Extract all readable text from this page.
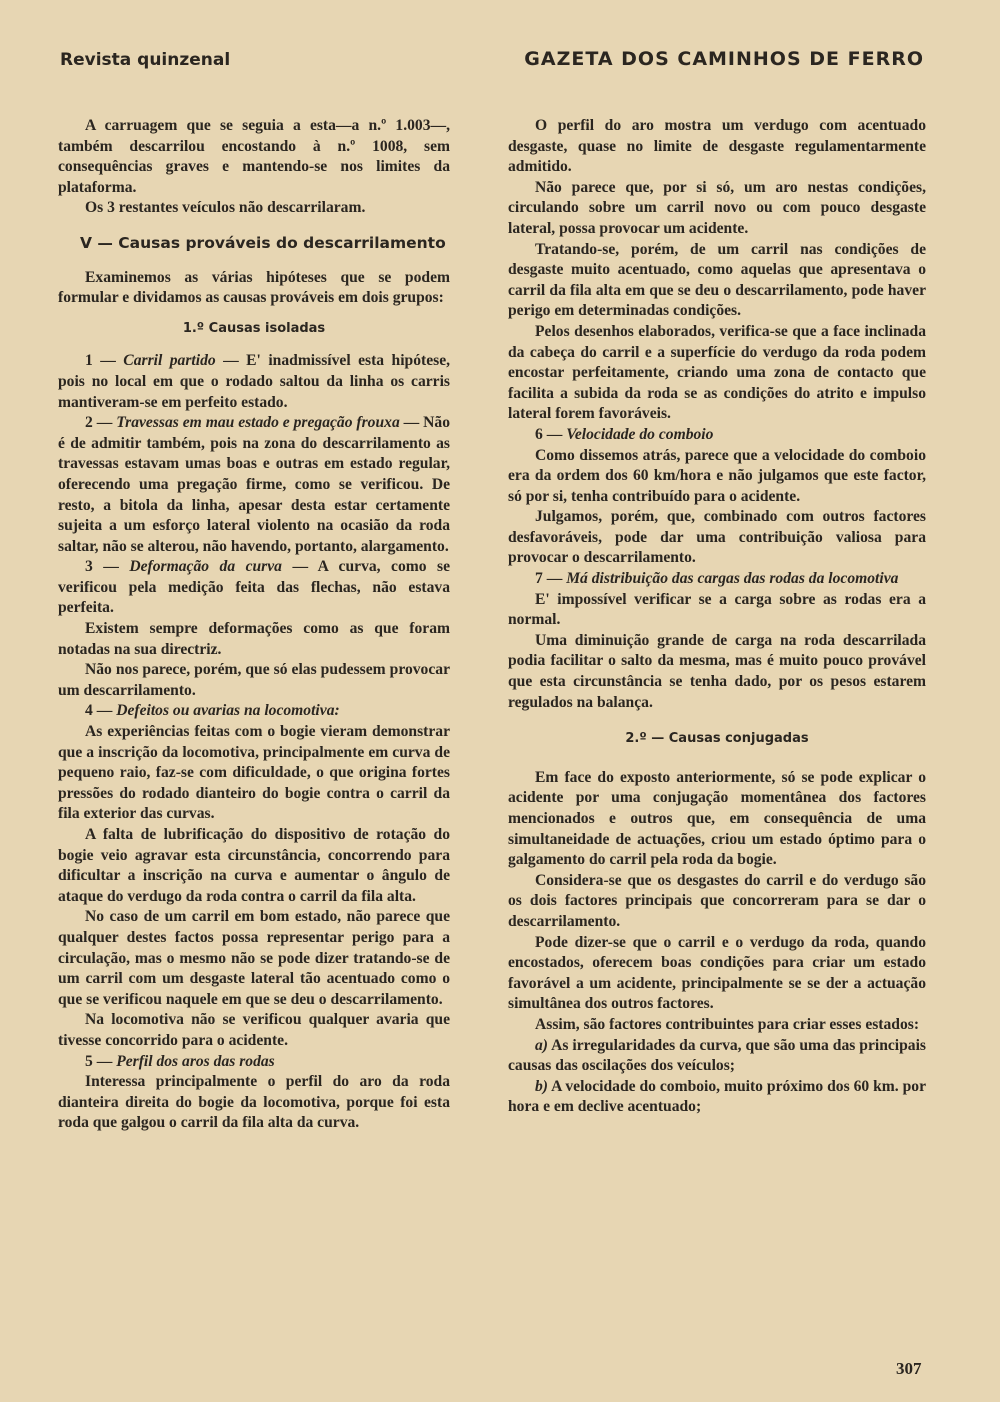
Revista quinzenal	GAZETA DOS CAMINHOS DE FERRO

A carruagem que se seguia a esta—a n.º 1.003—, também descarrilou encostando à n.º 1008, sem consequências graves e mantendo-se nos limites da plataforma.

Os 3 restantes veículos não descarrilaram.

V — Causas prováveis do descarrilamento

Examinemos as várias hipóteses que se podem formular e dividamos as causas prováveis em dois grupos:

1.º Causas isoladas

1 — Carril partido — E' inadmissível esta hipótese, pois no local em que o rodado saltou da linha os carris mantiveram-se em perfeito estado.

2 — Travessas em mau estado e pregação frouxa — Não é de admitir também, pois na zona do descarrilamento as travessas estavam umas boas e outras em estado regular, oferecendo uma pregação firme, como se verificou. De resto, a bitola da linha, apesar desta estar certamente sujeita a um esforço lateral violento na ocasião da roda saltar, não se alterou, não havendo, portanto, alargamento.

3 — Deformação da curva — A curva, como se verificou pela medição feita das flechas, não estava perfeita.

Existem sempre deformações como as que foram notadas na sua directriz.

Não nos parece, porém, que só elas pudessem provocar um descarrilamento.

4 — Defeitos ou avarias na locomotiva:

As experiências feitas com o bogie vieram demonstrar que a inscrição da locomotiva, principalmente em curva de pequeno raio, faz-se com dificuldade, o que origina fortes pressões do rodado dianteiro do bogie contra o carril da fila exterior das curvas.

A falta de lubrificação do dispositivo de rotação do bogie veio agravar esta circunstância, concorrendo para dificultar a inscrição na curva e aumentar o ângulo de ataque do verdugo da roda contra o carril da fila alta.

No caso de um carril em bom estado, não parece que qualquer destes factos possa representar perigo para a circulação, mas o mesmo não se pode dizer tratando-se de um carril com um desgaste lateral tão acentuado como o que se verificou naquele em que se deu o descarrilamento.

Na locomotiva não se verificou qualquer avaria que tivesse concorrido para o acidente.

5 — Perfil dos aros das rodas

Interessa principalmente o perfil do aro da roda dianteira direita do bogie da locomotiva, porque foi esta roda que galgou o carril da fila alta da curva.

O perfil do aro mostra um verdugo com acentuado desgaste, quase no limite de desgaste regulamentarmente admitido.

Não parece que, por si só, um aro nestas condições, circulando sobre um carril novo ou com pouco desgaste lateral, possa provocar um acidente.

Tratando-se, porém, de um carril nas condições de desgaste muito acentuado, como aquelas que apresentava o carril da fila alta em que se deu o descarrilamento, pode haver perigo em determinadas condições.

Pelos desenhos elaborados, verifica-se que a face inclinada da cabeça do carril e a superfície do verdugo da roda podem encostar perfeitamente, criando uma zona de contacto que facilita a subida da roda se as condições do atrito e impulso lateral forem favoráveis.

6 — Velocidade do comboio

Como dissemos atrás, parece que a velocidade do comboio era da ordem dos 60 km/hora e não julgamos que este factor, só por si, tenha contribuído para o acidente.

Julgamos, porém, que, combinado com outros factores desfavoráveis, pode dar uma contribuição valiosa para provocar o descarrilamento.

7 — Má distribuição das cargas das rodas da locomotiva

E' impossível verificar se a carga sobre as rodas era a normal.

Uma diminuição grande de carga na roda descarrilada podia facilitar o salto da mesma, mas é muito pouco provável que esta circunstância se tenha dado, por os pesos estarem regulados na balança.

2.º — Causas conjugadas

Em face do exposto anteriormente, só se pode explicar o acidente por uma conjugação momentânea dos factores mencionados e outros que, em consequência de uma simultaneidade de actuações, criou um estado óptimo para o galgamento do carril pela roda da bogie.

Considera-se que os desgastes do carril e do verdugo são os dois factores principais que concorreram para se dar o descarrilamento.

Pode dizer-se que o carril e o verdugo da roda, quando encostados, oferecem boas condições para criar um estado favorável a um acidente, principalmente se se der a actuação simultânea dos outros factores.

Assim, são factores contribuintes para criar esses estados:

a) As irregularidades da curva, que são uma das principais causas das oscilações dos veículos;

b) A velocidade do comboio, muito próximo dos 60 km. por hora e em declive acentuado;

307
